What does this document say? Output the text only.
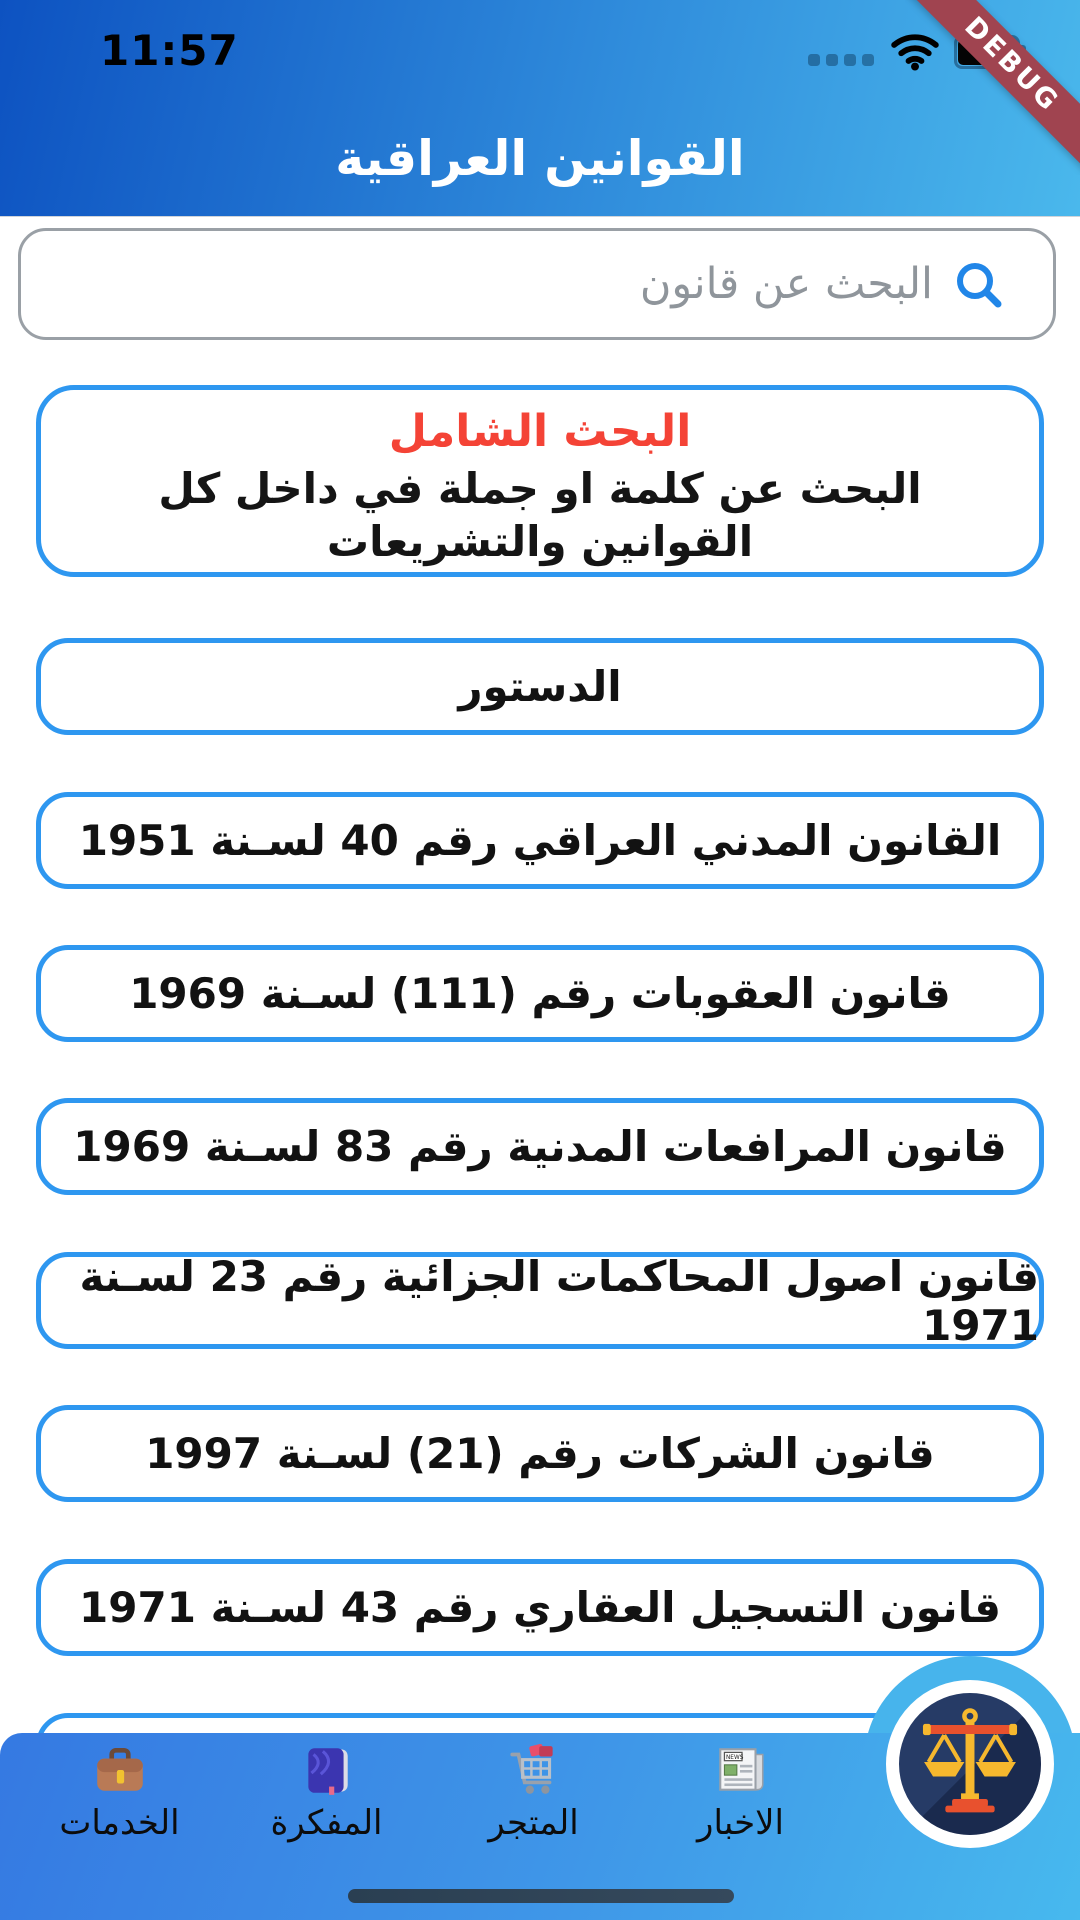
11:57	DEBUG
القوانين العراقية
البحث عن قانون
البحث الشامل
البحث عن كلمة او جملة في داخل كل القوانين والتشريعات
الدستور
القانون المدني العراقي رقم 40 لسـنة 1951
قانون العقوبات رقم (111) لسـنة 1969
قانون المرافعات المدنية رقم 83 لسـنة 1969
قانون اصول المحاكمات الجزائية رقم 23 لسـنة 1971
قانون الشركات رقم (21) لسـنة 1997
قانون التسجيل العقاري رقم 43 لسـنة 1971
الخدمات	المفكرة	المتجر
NEWS
الاخبار
